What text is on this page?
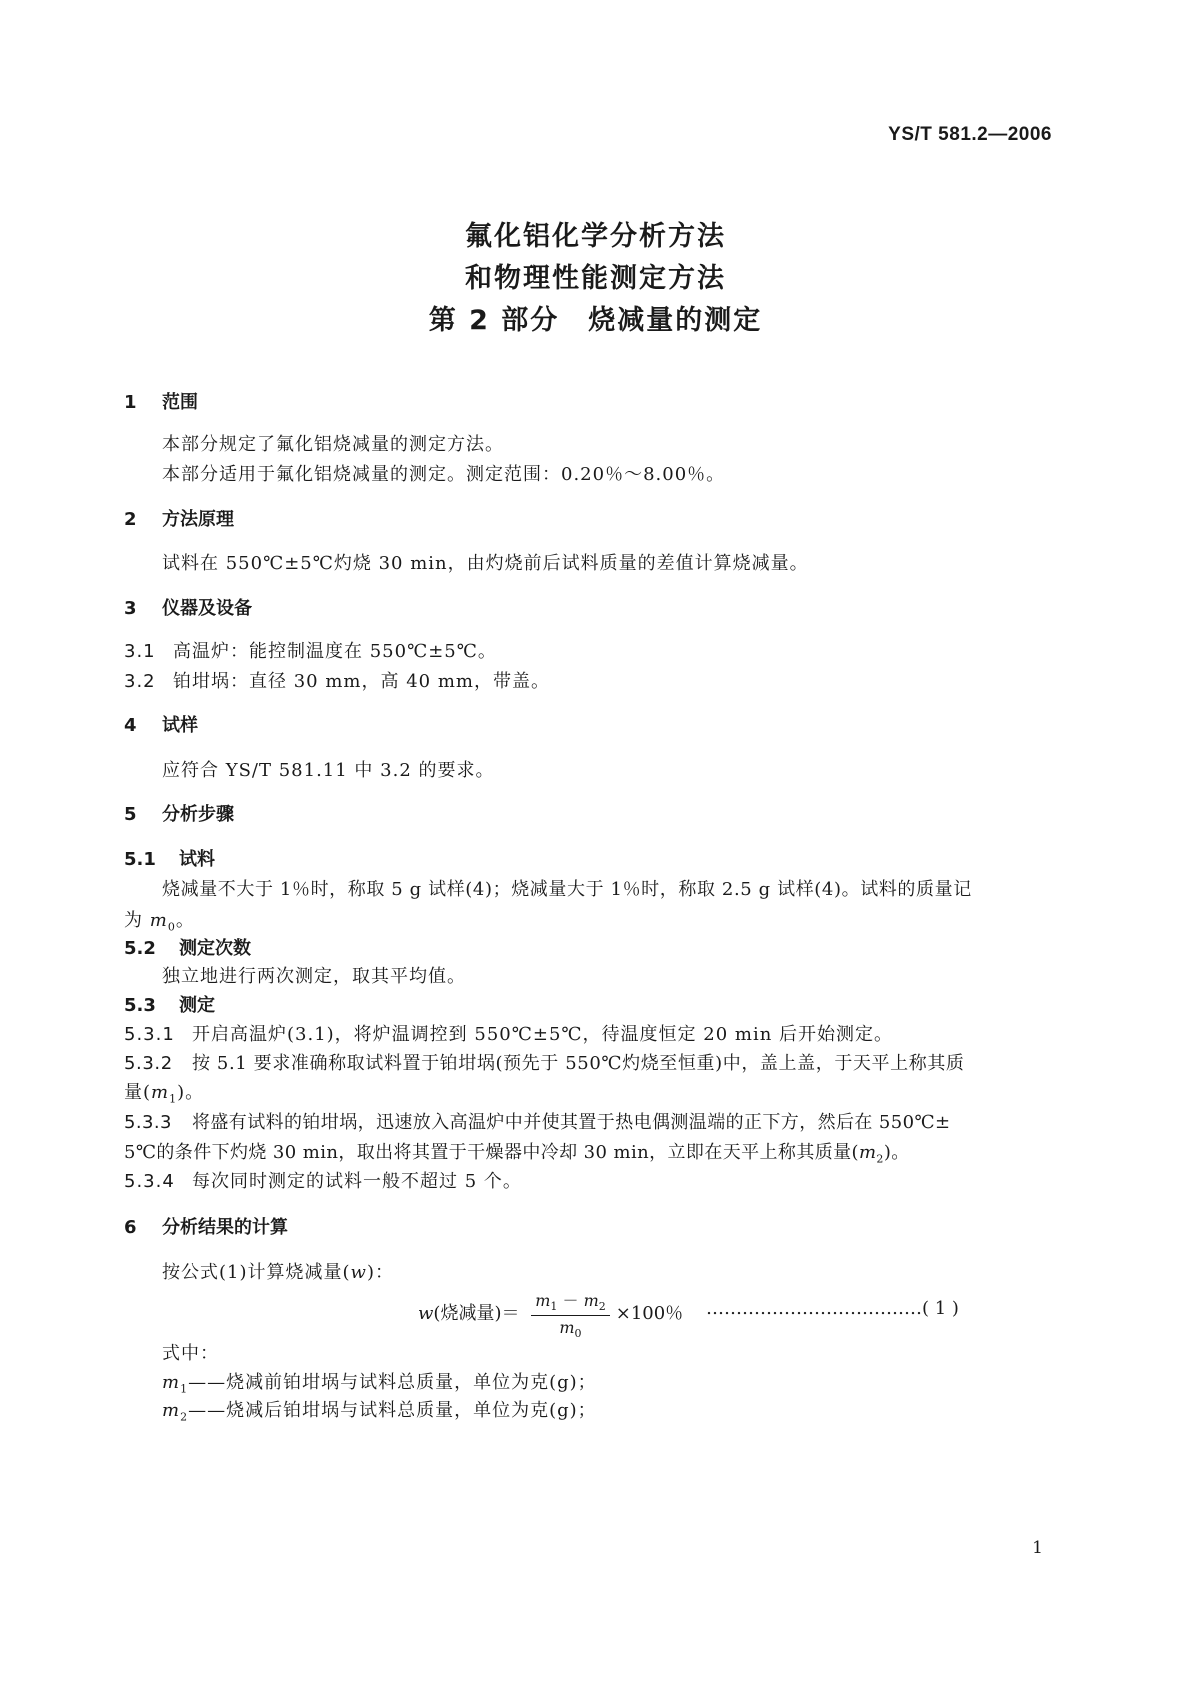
YS/T 581.2—2006
氟化铝化学分析方法
和物理性能测定方法
第 2 部分　烧减量的测定
1 范围
本部分规定了氟化铝烧减量的测定方法。
本部分适用于氟化铝烧减量的测定。测定范围：0.20％～8.00％。
2 方法原理
试料在 550℃±5℃灼烧 30 min，由灼烧前后试料质量的差值计算烧减量。
3 仪器及设备
3.1 高温炉：能控制温度在 550℃±5℃。
3.2 铂坩埚：直径 30 mm，高 40 mm，带盖。
4 试样
应符合 YS/T 581.11 中 3.2 的要求。
5 分析步骤
5.1 试料
烧减量不大于 1％时，称取 5 g 试样(4)；烧减量大于 1％时，称取 2.5 g 试样(4)。试料的质量记
为 $m_0$。
5.2 测定次数
独立地进行两次测定，取其平均值。
5.3 测定
5.3.1 开启高温炉(3.1)，将炉温调控到 550℃±5℃，待温度恒定 20 min 后开始测定。
5.3.2 按 5.1 要求准确称取试料置于铂坩埚(预先于 550℃灼烧至恒重)中，盖上盖，于天平上称其质
量$(m_1)$。
5.3.3 将盛有试料的铂坩埚，迅速放入高温炉中并使其置于热电偶测温端的正下方，然后在 550℃±
5℃的条件下灼烧 30 min，取出将其置于干燥器中冷却 30 min，立即在天平上称其质量$(m_2)$。
5.3.4 每次同时测定的试料一般不超过 5 个。
6 分析结果的计算
按公式(1)计算烧减量(w)：
w(烧减量)＝ $\frac{m_1 - m_2}{m_0} \times 100$％ ………………………………( 1 )
式中：
$m_1——$烧减前铂坩埚与试料总质量，单位为克(g)；
$m_2——$烧减后铂坩埚与试料总质量，单位为克(g)；
1
